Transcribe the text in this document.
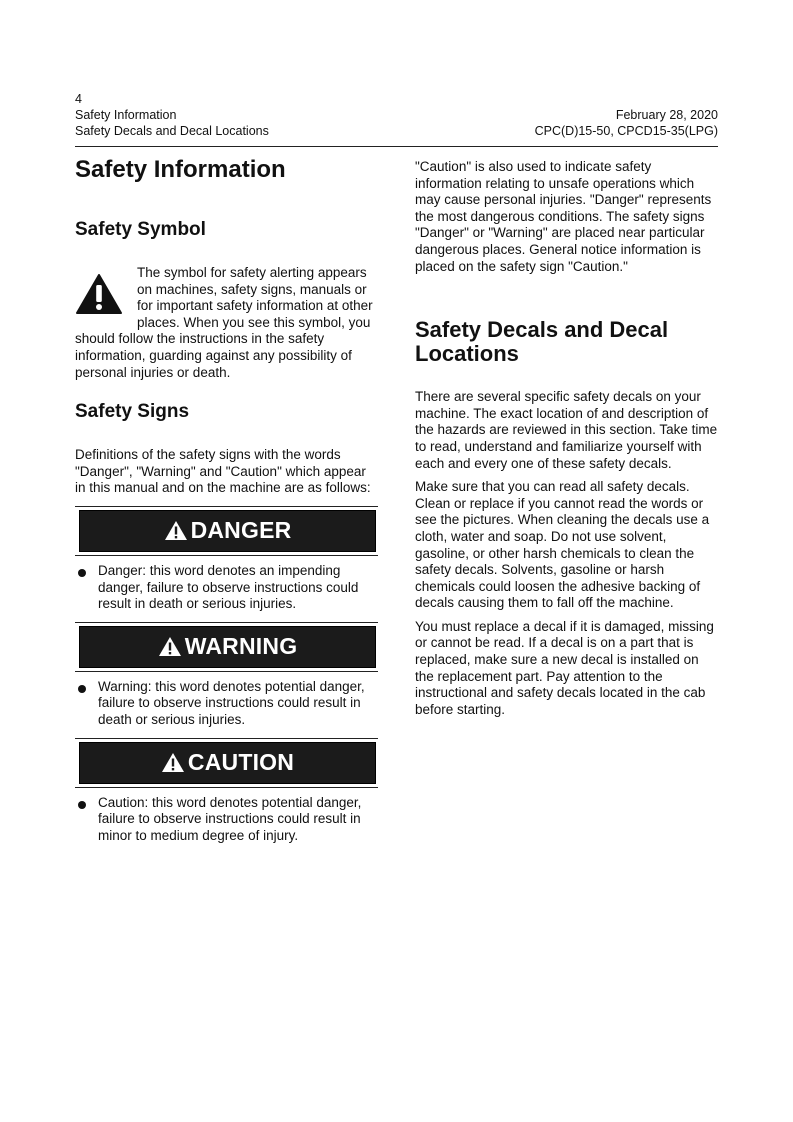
4
Safety Information
Safety Decals and Decal Locations
February 28, 2020
CPC(D)15-50, CPCD15-35(LPG)
Safety Information
Safety Symbol

The symbol for safety alerting appears on machines, safety signs, manuals or for important safety information at other places. When you see this symbol, you should follow the instructions in the safety information, guarding against any possibility of personal injuries or death.

Safety Signs

Definitions of the safety signs with the words "Danger", "Warning" and "Caution" which appear in this manual and on the machine are as follows:

DANGER

Danger: this word denotes an impending danger, failure to observe instructions could result in death or serious injuries.

WARNING

Warning: this word denotes potential danger, failure to observe instructions could result in death or serious injuries.

CAUTION

Caution: this word denotes potential danger, failure to observe instructions could result in minor to medium degree of injury.

"Caution" is also used to indicate safety information relating to unsafe operations which may cause personal injuries. "Danger" represents the most dangerous conditions. The safety signs "Danger" or "Warning" are placed near particular dangerous places. General notice information is placed on the safety sign "Caution."

Safety Decals and Decal Locations

There are several specific safety decals on your machine. The exact location of and description of the hazards are reviewed in this section. Take time to read, understand and familiarize yourself with each and every one of these safety decals.

Make sure that you can read all safety decals. Clean or replace if you cannot read the words or see the pictures. When cleaning the decals use a cloth, water and soap. Do not use solvent, gasoline, or other harsh chemicals to clean the safety decals. Solvents, gasoline or harsh chemicals could loosen the adhesive backing of decals causing them to fall off the machine.

You must replace a decal if it is damaged, missing or cannot be read. If a decal is on a part that is replaced, make sure a new decal is installed on the replacement part. Pay attention to the instructional and safety decals located in the cab before starting.
